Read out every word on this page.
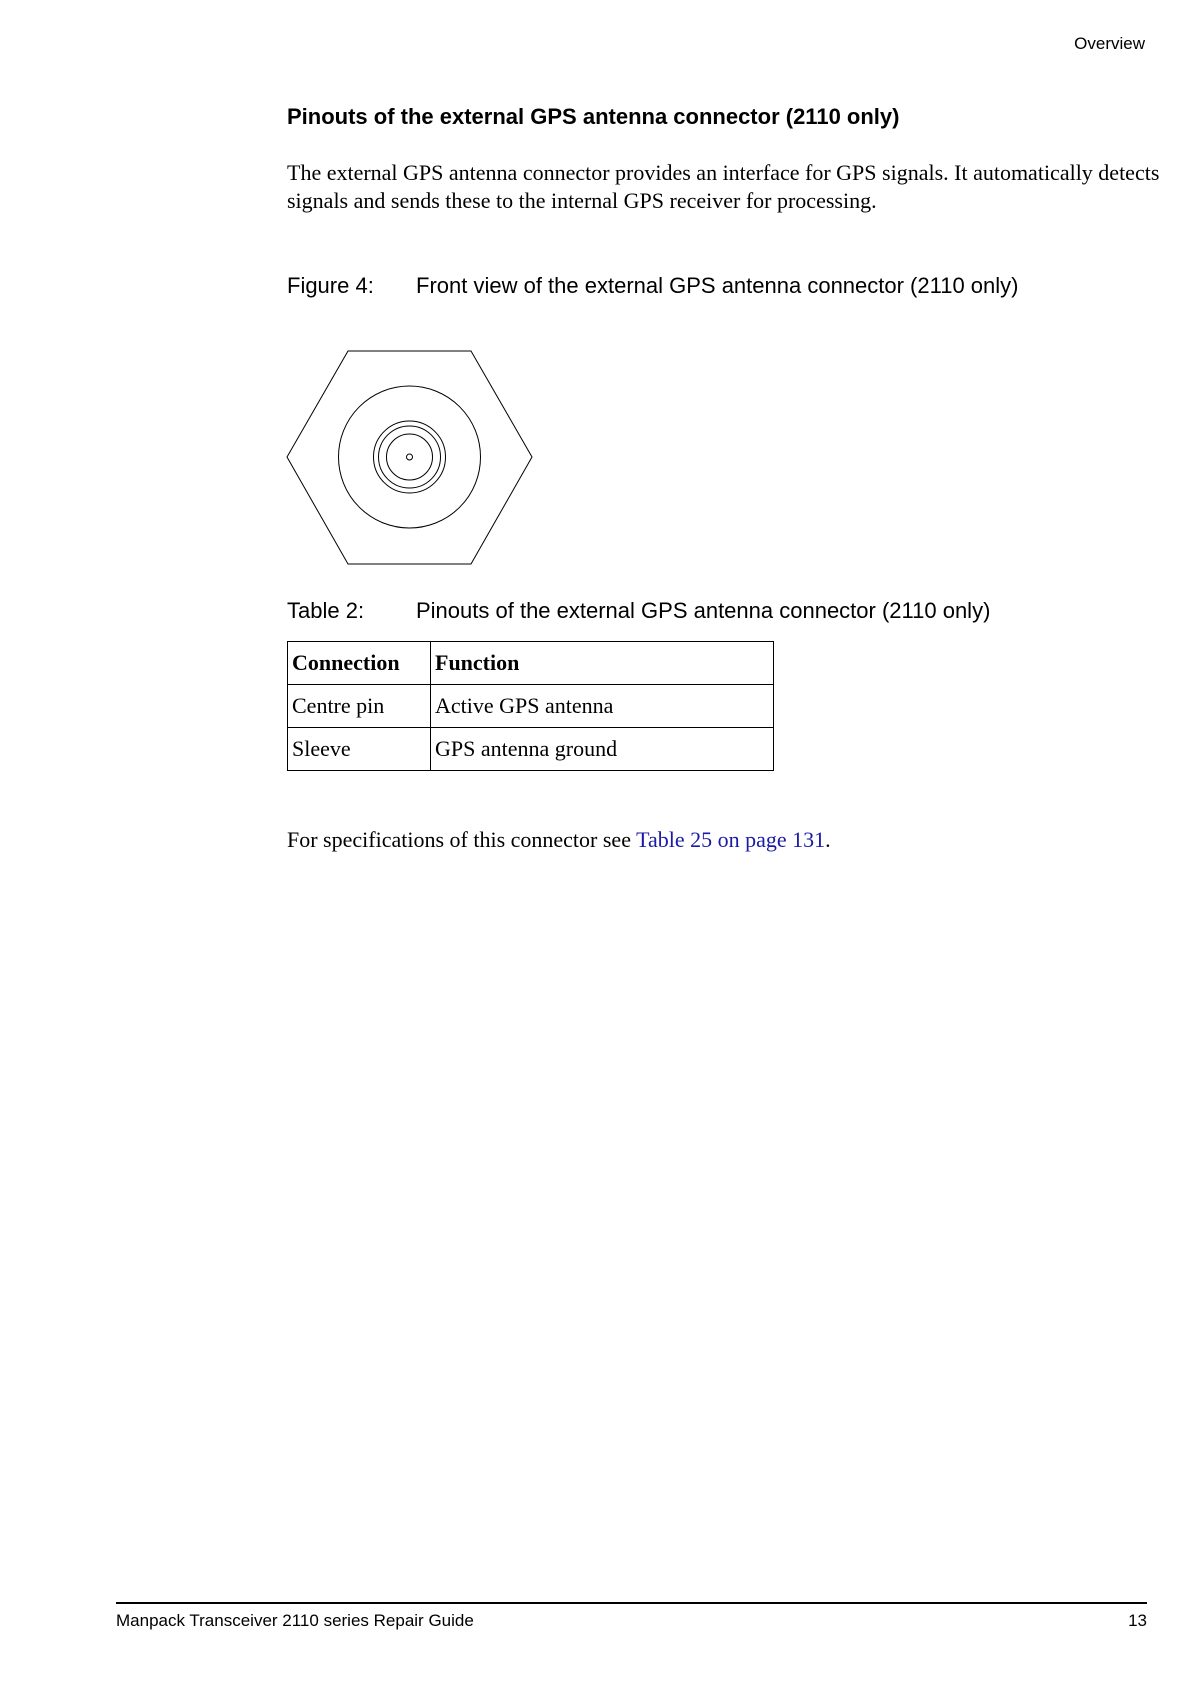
Overview
Pinouts of the external GPS antenna connector (2110 only)

The external GPS antenna connector provides an interface for GPS signals. It automatically detects signals and sends these to the internal GPS receiver for processing.

Figure 4: Front view of the external GPS antenna connector (2110 only)
Table 2: Pinouts of the external GPS antenna connector (2110 only)
Connection	Function
Centre pin	Active GPS antenna
Sleeve	GPS antenna ground

For specifications of this connector see Table 25 on page 131.

Manpack Transceiver 2110 series Repair Guide	13
